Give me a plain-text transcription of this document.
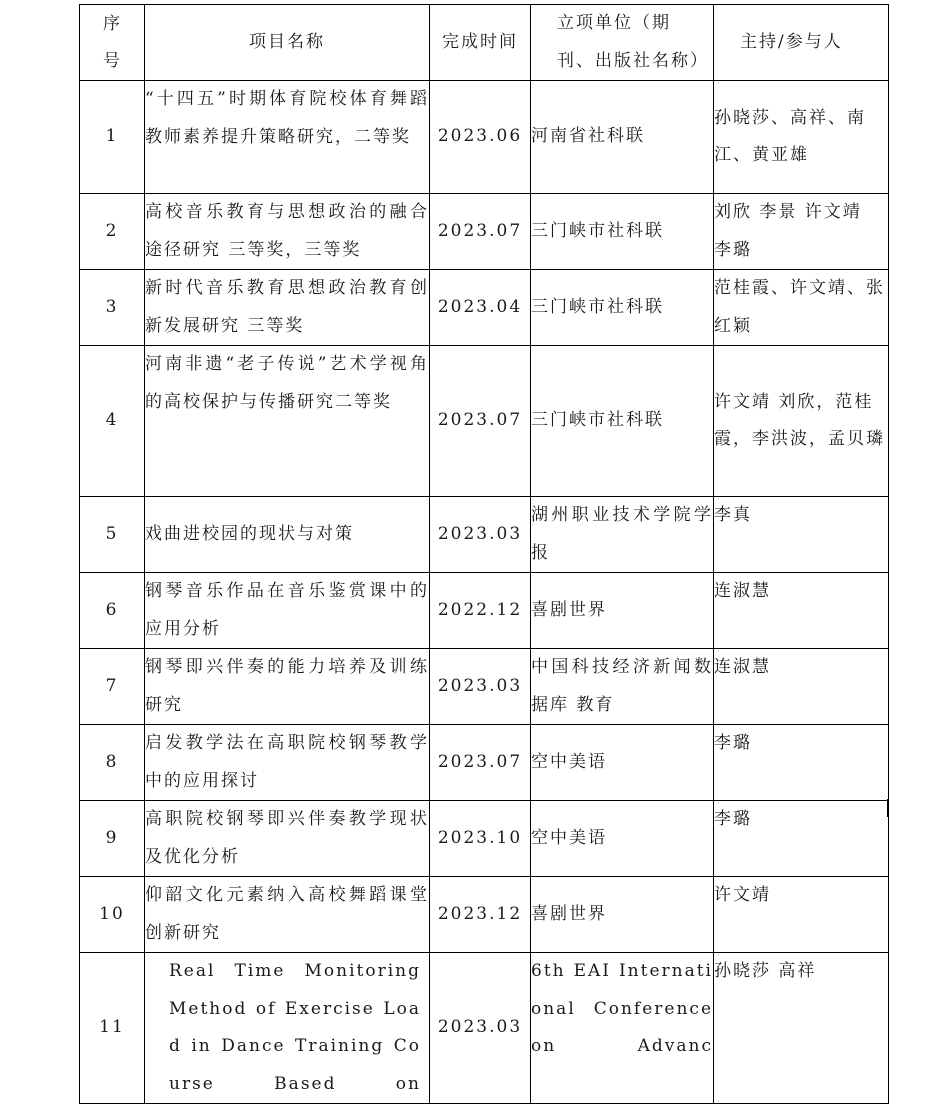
序号	项目名称	完成时间	立项单位（期刊、出版社名称）	主持/参与人
1	“十四五”时期体育院校体育舞蹈教师素养提升策略研究，二等奖	2023.06	河南省社科联	孙晓莎、高祥、南江、黄亚雄
2	高校音乐教育与思想政治的融合途径研究 三等奖，三等奖	2023.07	三门峡市社科联	刘欣 李景 许文靖 李璐
3	新时代音乐教育思想政治教育创新发展研究 三等奖	2023.04	三门峡市社科联	范桂霞、许文靖、张红颖
4	河南非遗“老子传说”艺术学视角的高校保护与传播研究二等奖	2023.07	三门峡市社科联	许文靖 刘欣，范桂霞，李洪波，孟贝璘
5	戏曲进校园的现状与对策	2023.03	湖州职业技术学院学报	李真
6	钢琴音乐作品在音乐鉴赏课中的应用分析	2022.12	喜剧世界	连淑慧
7	钢琴即兴伴奏的能力培养及训练研究	2023.03	中国科技经济新闻数据库 教育	连淑慧
8	启发教学法在高职院校钢琴教学中的应用探讨	2023.07	空中美语	李璐
9	高职院校钢琴即兴伴奏教学现状及优化分析	2023.10	空中美语	李璐
10	仰韶文化元素纳入高校舞蹈课堂创新研究	2023.12	喜剧世界	许文靖
11	Real Time Monitoring Method of Exercise Load in Dance Training Course Based on	2023.03	6th EAI International Conference on Advanc	孙晓莎 高祥
